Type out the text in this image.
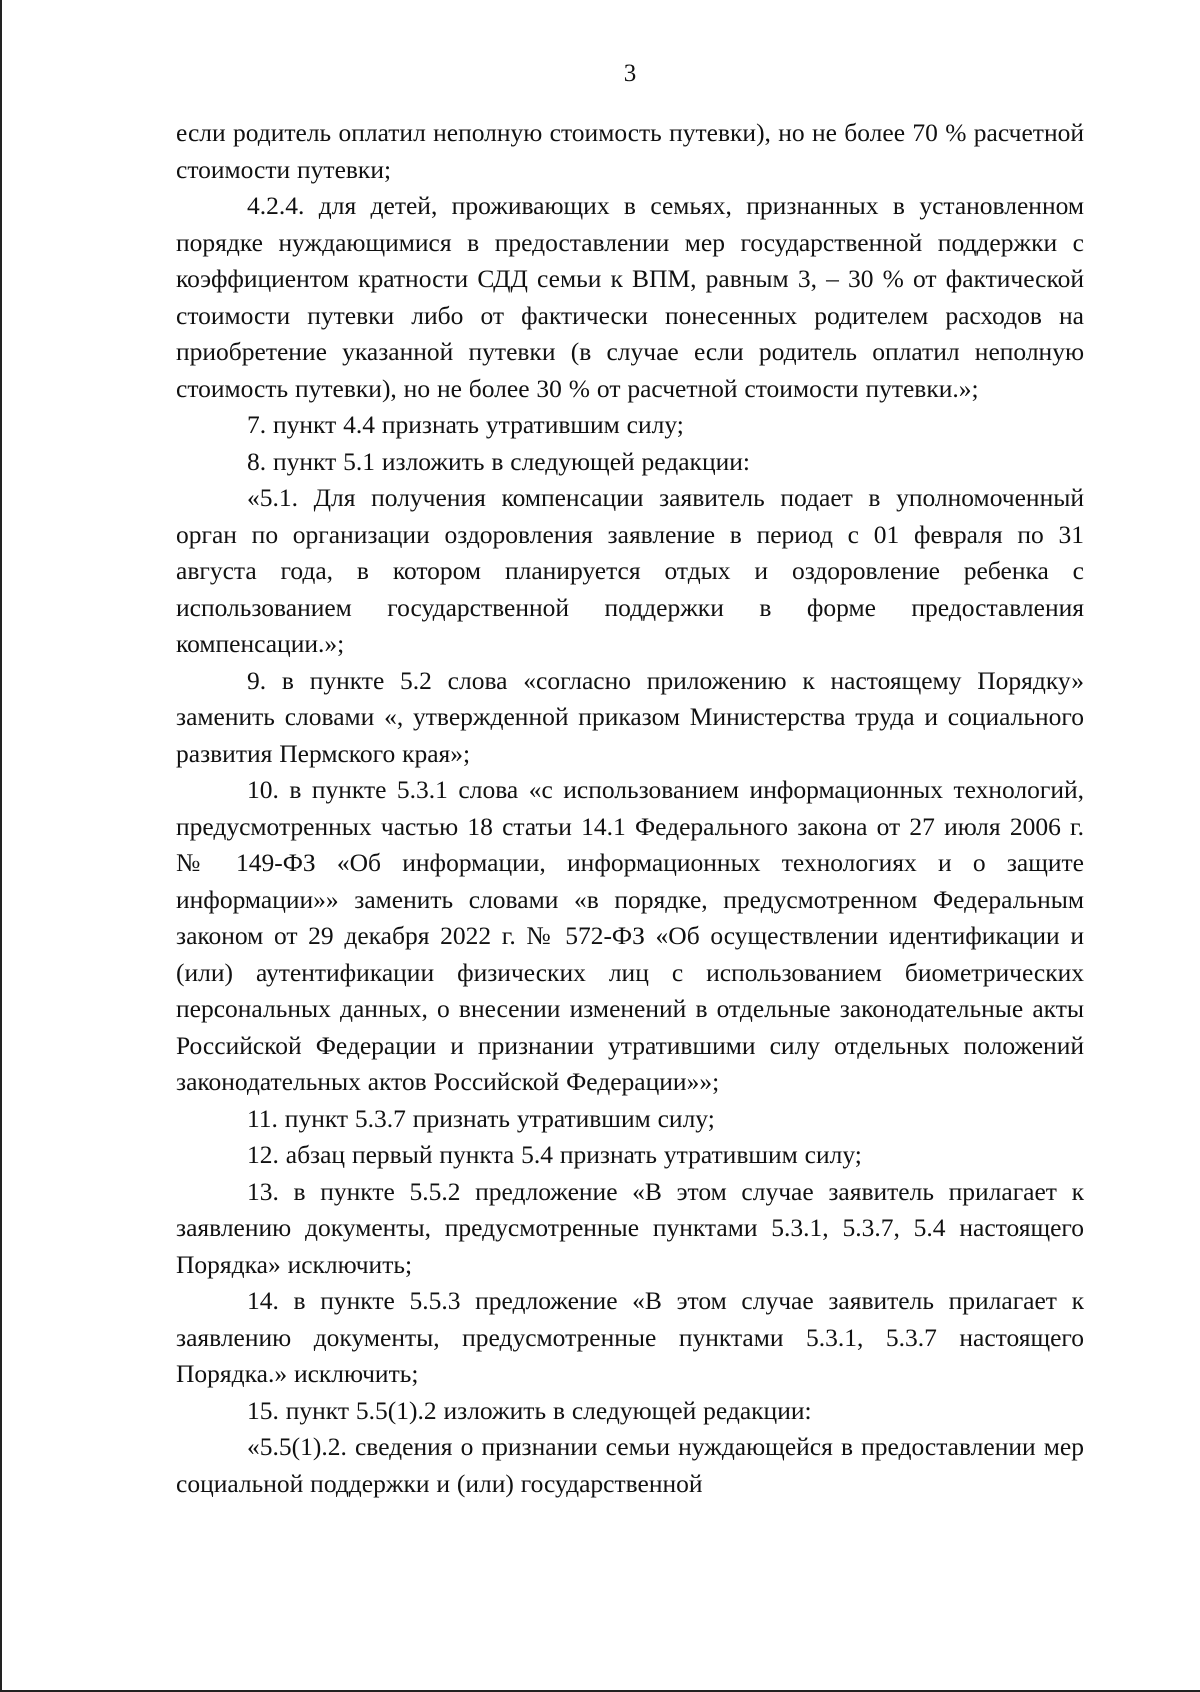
3

если родитель оплатил неполную стоимость путевки), но не более 70 % расчетной стоимости путевки;

4.2.4. для детей, проживающих в семьях, признанных в установленном порядке нуждающимися в предоставлении мер государственной поддержки с коэффициентом кратности СДД семьи к ВПМ, равным 3, – 30 % от фактической стоимости путевки либо от фактически понесенных родителем расходов на приобретение указанной путевки (в случае если родитель оплатил неполную стоимость путевки), но не более 30 % от расчетной стоимости путевки.»;

7. пункт 4.4 признать утратившим силу;

8. пункт 5.1 изложить в следующей редакции:

«5.1. Для получения компенсации заявитель подает в уполномоченный орган по организации оздоровления заявление в период с 01 февраля по 31 августа года, в котором планируется отдых и оздоровление ребенка с использованием государственной поддержки в форме предоставления компенсации.»;

9. в пункте 5.2 слова «согласно приложению к настоящему Порядку» заменить словами «, утвержденной приказом Министерства труда и социального развития Пермского края»;

10. в пункте 5.3.1 слова «с использованием информационных технологий, предусмотренных частью 18 статьи 14.1 Федерального закона от 27 июля 2006 г. № 149-ФЗ «Об информации, информационных технологиях и о защите информации»» заменить словами «в порядке, предусмотренном Федеральным законом от 29 декабря 2022 г. № 572-ФЗ «Об осуществлении идентификации и (или) аутентификации физических лиц с использованием биометрических персональных данных, о внесении изменений в отдельные законодательные акты Российской Федерации и признании утратившими силу отдельных положений законодательных актов Российской Федерации»»;

11. пункт 5.3.7 признать утратившим силу;

12. абзац первый пункта 5.4 признать утратившим силу;

13. в пункте 5.5.2 предложение «В этом случае заявитель прилагает к заявлению документы, предусмотренные пунктами 5.3.1, 5.3.7, 5.4 настоящего Порядка» исключить;

14. в пункте 5.5.3 предложение «В этом случае заявитель прилагает к заявлению документы, предусмотренные пунктами 5.3.1, 5.3.7 настоящего Порядка.» исключить;

15. пункт 5.5(1).2 изложить в следующей редакции:

«5.5(1).2. сведения о признании семьи нуждающейся в предоставлении мер социальной поддержки и (или) государственной
